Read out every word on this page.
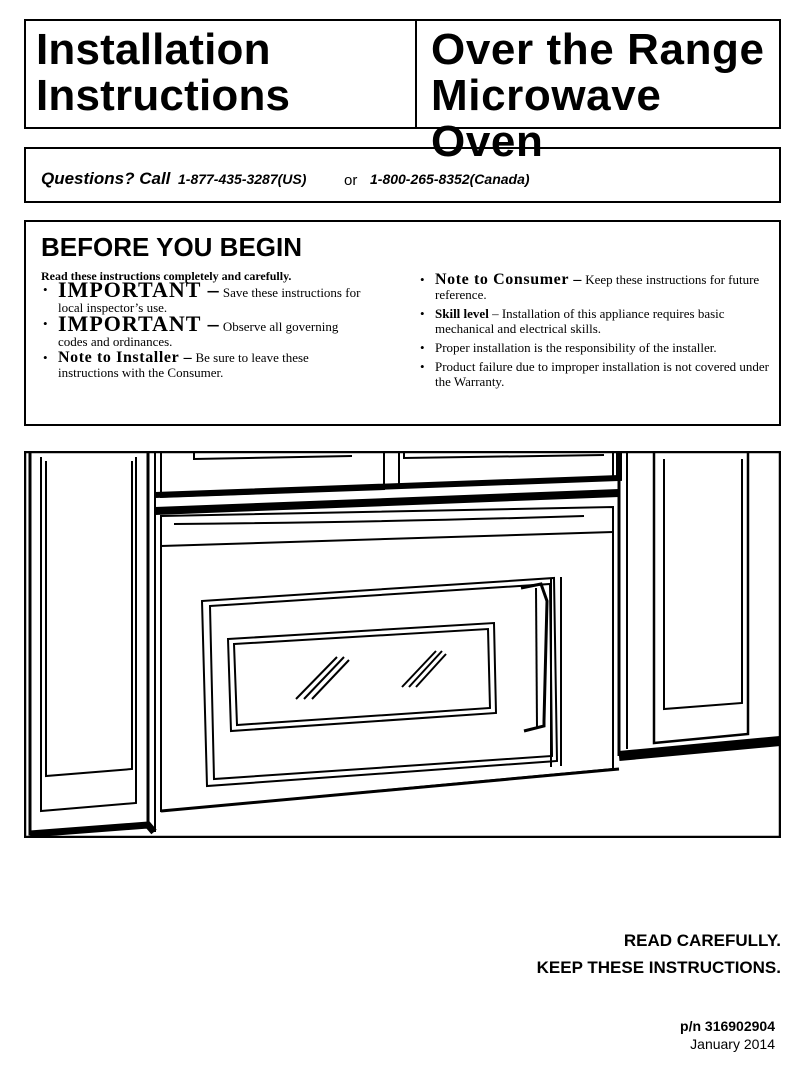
Installation
Instructions
Over the Range
Microwave Oven
Questions? Call 1-877-435-3287(US)	or 1-800-265-8352(Canada)
BEFORE YOU BEGIN
Read these instructions completely and carefully.
• IMPORTANT – Save these instructions for local inspector’s use.
• IMPORTANT – Observe all governing codes and ordinances.
• Note to Installer – Be sure to leave these instructions with the Consumer.
• Note to Consumer – Keep these instructions for future reference.
• Skill level – Installation of this appliance requires basic mechanical and electrical skills.
• Proper installation is the responsibility of the installer.
• Product failure due to improper installation is not covered under the Warranty.
READ CAREFULLY.
KEEP THESE INSTRUCTIONS.
p/n 316902904
January 2014
